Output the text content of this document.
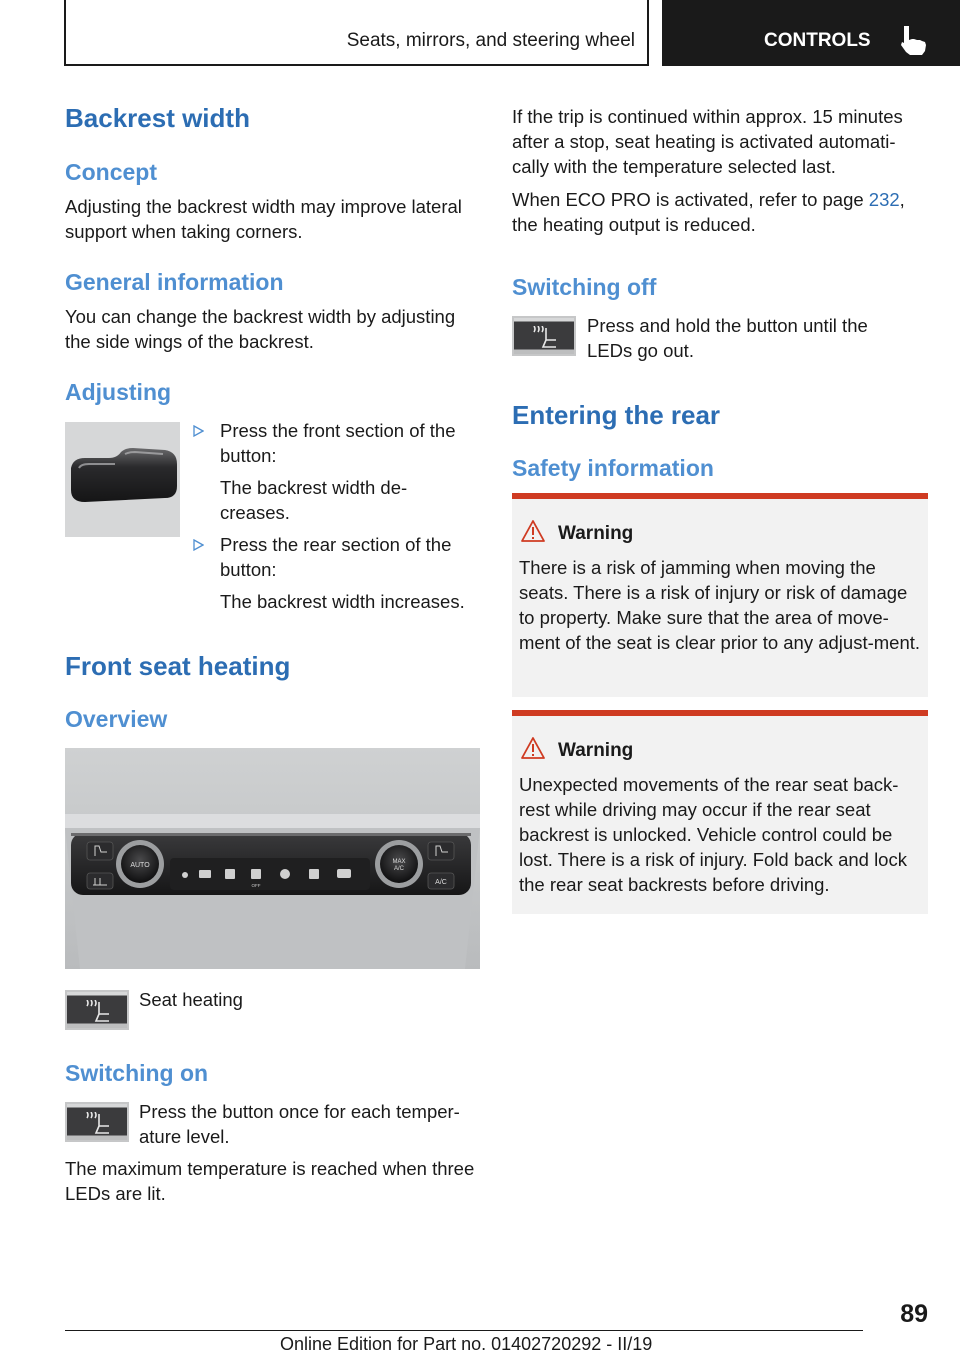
Seats, mirrors, and steering wheel	CONTROLS
Backrest width
Concept
Adjusting the backrest width may improve lateral support when taking corners.
General information
You can change the backrest width by adjusting the side wings of the backrest.
Adjusting
Press the front section of the button:
The backrest width de-creases.
Press the rear section of the button:
The backrest width increases.
Front seat heating
Overview
AUTO	MAX
A/C
A/C
OFF
Seat heating
Switching on
Press the button once for each temper-ature level.
The maximum temperature is reached when three LEDs are lit.
If the trip is continued within approx. 15 minutes after a stop, seat heating is activated automati-cally with the temperature selected last.
When ECO PRO is activated, refer to page 232, the heating output is reduced.
Switching off
Press and hold the button until the LEDs go out.
Entering the rear
Safety information
Warning
There is a risk of jamming when moving the seats. There is a risk of injury or risk of damage to property. Make sure that the area of move-ment of the seat is clear prior to any adjust-ment.
Warning
Unexpected movements of the rear seat back-rest while driving may occur if the rear seat backrest is unlocked. Vehicle control could be lost. There is a risk of injury. Fold back and lock the rear seat backrests before driving.
89
Online Edition for Part no. 01402720292 - II/19
